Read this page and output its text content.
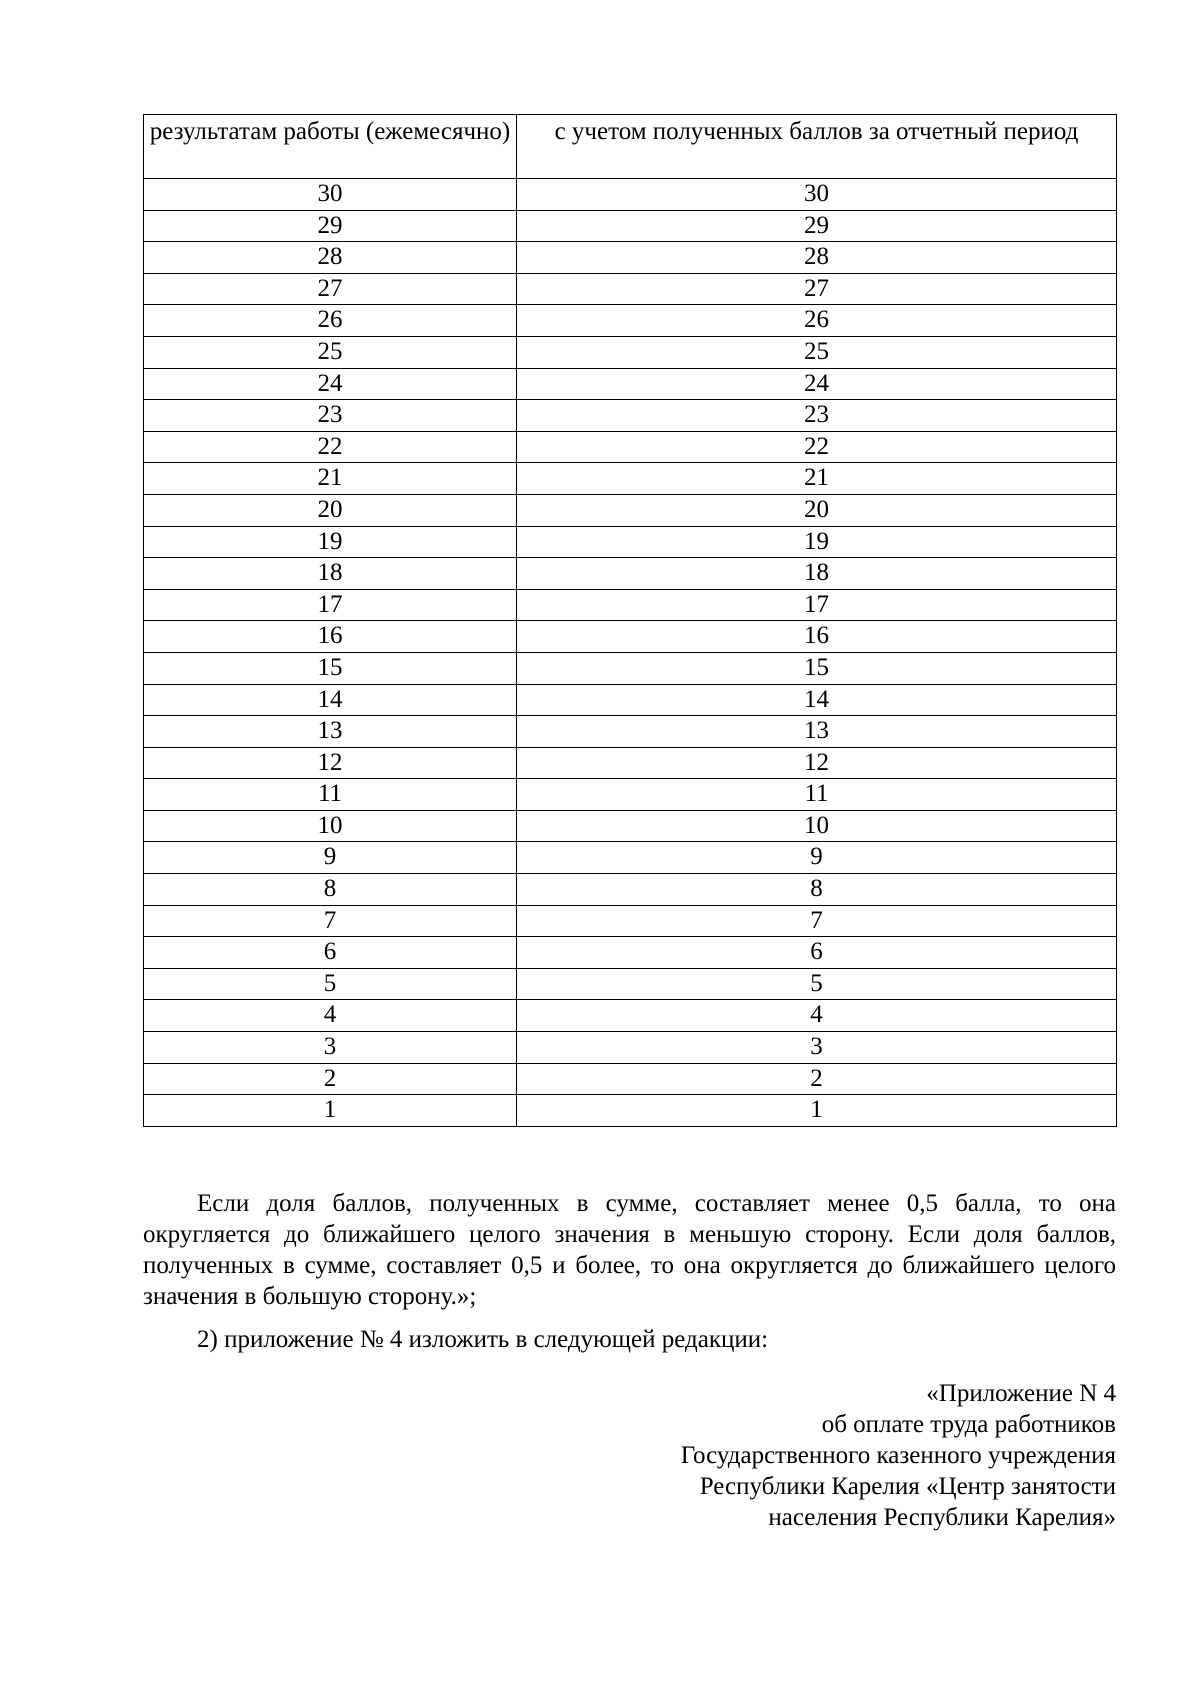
результатам работы (ежемесячно)	с учетом полученных баллов за отчетный период
30	30
29	29
28	28
27	27
26	26
25	25
24	24
23	23
22	22
21	21
20	20
19	19
18	18
17	17
16	16
15	15
14	14
13	13
12	12
11	11
10	10
9	9
8	8
7	7
6	6
5	5
4	4
3	3
2	2
1	1

Если доля баллов, полученных в сумме, составляет менее 0,5 балла, то она округляется до ближайшего целого значения в меньшую сторону. Если доля баллов, полученных в сумме, составляет 0,5 и более, то она округляется до ближайшего целого значения в большую сторону.»;

2) приложение № 4 изложить в следующей редакции:

«Приложение N 4
об оплате труда работников
Государственного казенного учреждения
Республики Карелия «Центр занятости
населения Республики Карелия»
